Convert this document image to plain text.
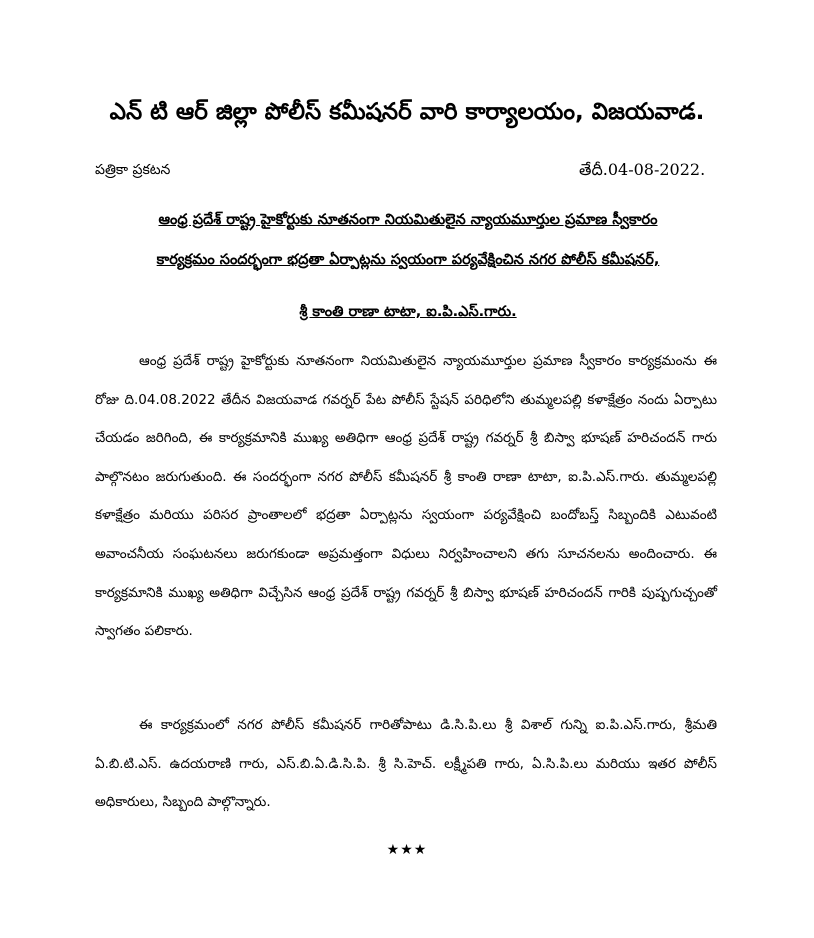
ఎన్ టి ఆర్ జిల్లా పోలీస్ కమీషనర్ వారి కార్యాలయం, విజయవాడ.
పత్రికా ప్రకటన	తేదీ.04-08-2022.
ఆంధ్ర ప్రదేశ్ రాష్ట్ర హైకోర్టుకు నూతనంగా నియమితులైన న్యాయమూర్తుల ప్రమాణ స్వీకారం
కార్యక్రమం సందర్భంగా భద్రతా ఏర్పాట్లను స్వయంగా పర్యవేక్షించిన నగర పోలీస్ కమీషనర్,
శ్రీ కాంతి రాణా టాటా, ఐ.పి.ఎస్.గారు.
ఆంధ్ర ప్రదేశ్ రాష్ట్ర హైకోర్టుకు నూతనంగా నియమితులైన న్యాయమూర్తుల ప్రమాణ స్వీకారం కార్యక్రమంను ఈ రోజు ది.04.08.2022 తేదీన విజయవాడ గవర్నర్ పేట పోలీస్ స్టేషన్ పరిధిలోని తుమ్మలపల్లి కళాక్షేత్రం నందు ఏర్పాటు చేయడం జరిగింది, ఈ కార్యక్రమానికి ముఖ్య అతిధిగా ఆంధ్ర ప్రదేశ్ రాష్ట్ర గవర్నర్ శ్రీ బిస్వా భూషణ్ హరిచందన్ గారు పాల్గొనటం జరుగుతుంది. ఈ సందర్భంగా నగర పోలీస్ కమీషనర్ శ్రీ కాంతి రాణా టాటా, ఐ.పి.ఎస్.గారు. తుమ్మలపల్లి కళాక్షేత్రం మరియు పరిసర ప్రాంతాలలో భద్రతా ఏర్పాట్లను స్వయంగా పర్యవేక్షించి బందోబస్త్ సిబ్బందికి ఎటువంటి అవాంచనీయ సంఘటనలు జరుగకుండా అప్రమత్తంగా విధులు నిర్వహించాలని తగు సూచనలను అందించారు. ఈ కార్యక్రమానికి ముఖ్య అతిధిగా విచ్చేసిన ఆంధ్ర ప్రదేశ్ రాష్ట్ర గవర్నర్ శ్రీ బిస్వా భూషణ్ హరిచందన్ గారికి పుష్పగుచ్చంతో స్వాగతం పలికారు.
ఈ కార్యక్రమంలో నగర పోలీస్ కమీషనర్ గారితోపాటు డి.సి.పి.లు శ్రీ విశాల్ గున్ని ఐ.పి.ఎస్.గారు, శ్రీమతి ఏ.బి.టి.ఎస్. ఉదయరాణి గారు, ఎస్.బి.ఏ.డి.సి.పి. శ్రీ సి.హెచ్. లక్ష్మీపతి గారు, ఏ.సి.పి.లు మరియు ఇతర పోలీస్ అధికారులు, సిబ్బంది పాల్గొన్నారు.
★★★
